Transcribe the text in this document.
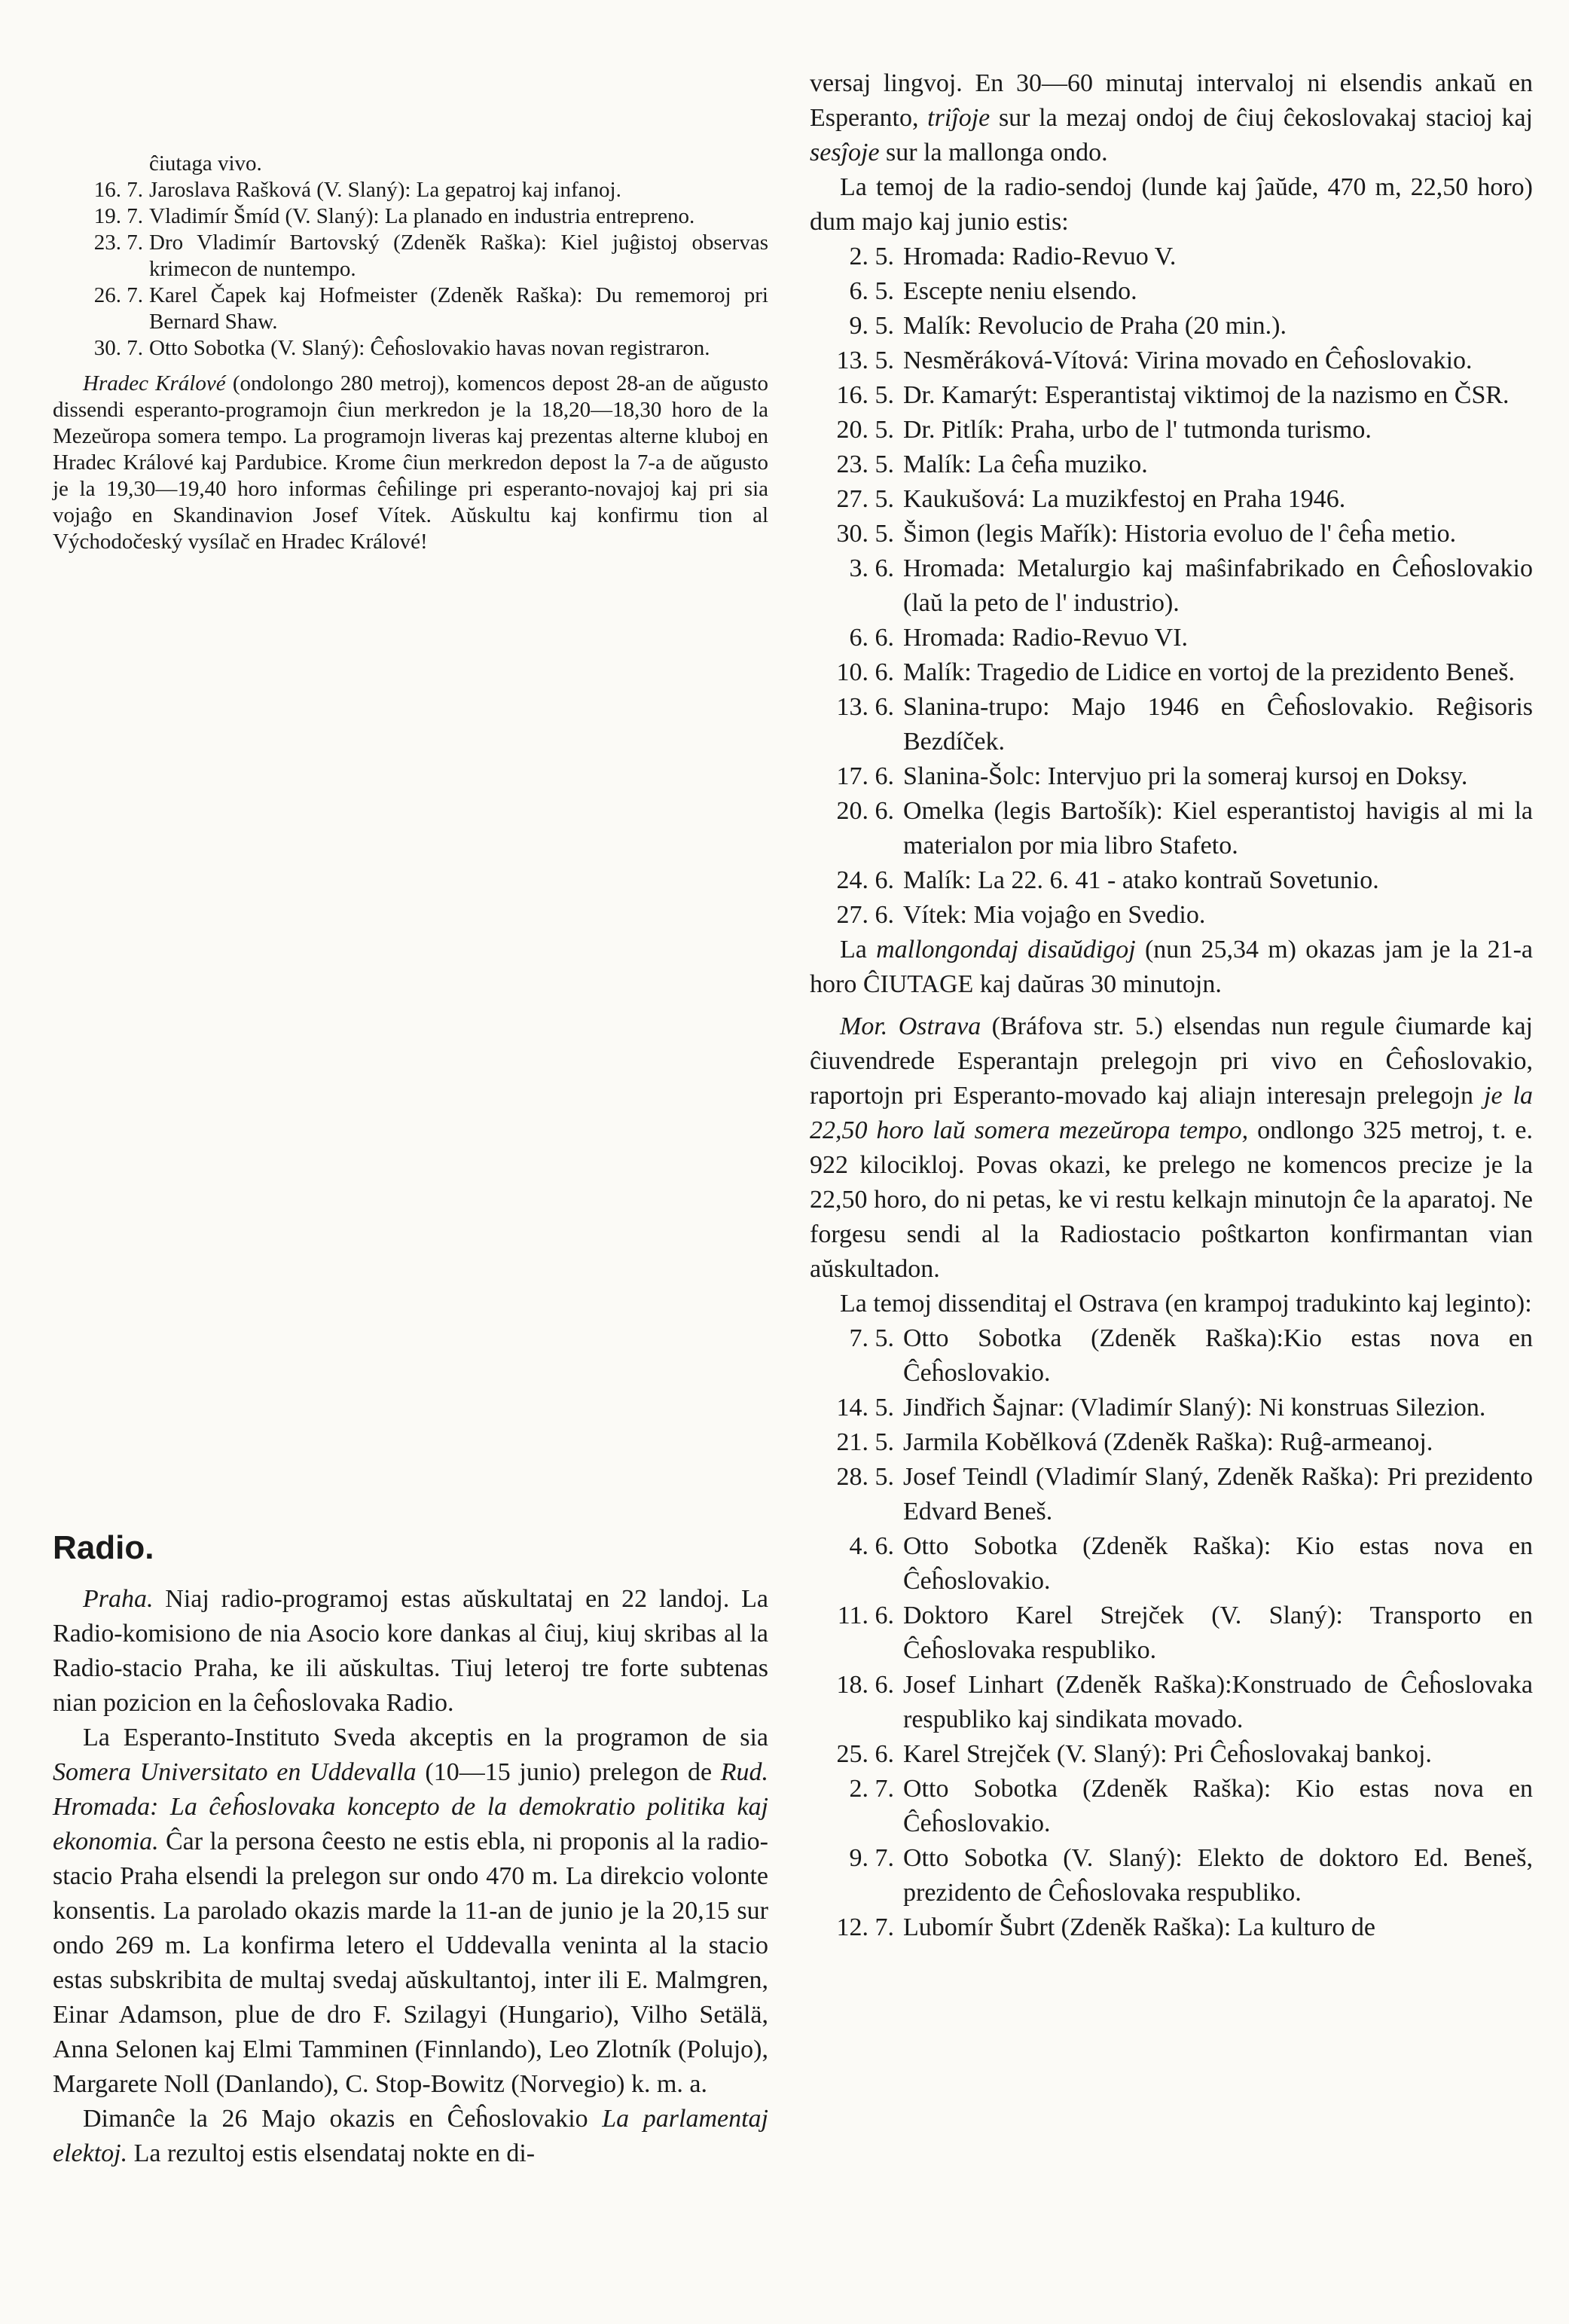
ĉiutaga vivo.
16. 7. Jaroslava Rašková (V. Slaný): La gepatroj kaj infanoj.
19. 7. Vladimír Šmíd (V. Slaný): La planado en industria entrepreno.
23. 7. Dro Vladimír Bartovský (Zdeněk Raška): Kiel juĝistoj observas krimecon de nuntempo.
26. 7. Karel Čapek kaj Hofmeister (Zdeněk Raška): Du rememoroj pri Bernard Shaw.
30. 7. Otto Sobotka (V. Slaný): Ĉeĥoslovakio havas novan registraron.

Hradec Králové (ondolongo 280 metroj), komencos depost 28-an de aŭgusto dissendi esperanto-programojn ĉiun merkredon je la 18,20—18,30 horo de la Mezeŭropa somera tempo. La programojn liveras kaj prezentas alterne kluboj en Hradec Králové kaj Pardubice. Krome ĉiun merkredon depost la 7-a de aŭgusto je la 19,30—19,40 horo informas ĉeĥilinge pri esperanto-novajoj kaj pri sia vojaĝo en Skandinavion Josef Vítek. Aŭskultu kaj konfirmu tion al Východočeský vysílač en Hradec Králové!

Radio.

Praha. Niaj radio-programoj estas aŭskultataj en 22 landoj. La Radio-komisiono de nia Asocio kore dankas al ĉiuj, kiuj skribas al la Radio-stacio Praha, ke ili aŭskultas. Tiuj leteroj tre forte subtenas nian pozicion en la ĉeĥoslovaka Radio.

La Esperanto-Instituto Sveda akceptis en la programon de sia Somera Universitato en Uddevalla (10—15 junio) prelegon de Rud. Hromada: La ĉeĥoslovaka koncepto de la demokratio politika kaj ekonomia. Ĉar la persona ĉeesto ne estis ebla, ni proponis al la radio-stacio Praha elsendi la prelegon sur ondo 470 m. La direkcio volonte konsentis. La parolado okazis marde la 11-an de junio je la 20,15 sur ondo 269 m. La konfirma letero el Uddevalla veninta al la stacio estas subskribita de multaj svedaj aŭskultantoj, inter ili E. Malmgren, Einar Adamson, plue de dro F. Szilagyi (Hungario), Vilho Setälä, Anna Selonen kaj Elmi Tamminen (Finnlando), Leo Zlotník (Polujo), Margarete Noll (Danlando), C. Stop-Bowitz (Norvegio) k. m. a.

Dimanĉe la 26 Majo okazis en Ĉeĥoslovakio La parlamentaj elektoj. La rezultoj estis elsendataj nokte en di-

versaj lingvoj. En 30—60 minutaj intervaloj ni elsendis ankaŭ en Esperanto, triĵoje sur la mezaj ondoj de ĉiuj ĉekoslovakaj stacioj kaj sesĵoje sur la mallonga ondo.

La temoj de la radio-sendoj (lunde kaj ĵaŭde, 470 m, 22,50 horo) dum majo kaj junio estis:

2. 5. Hromada: Radio-Revuo V.
6. 5. Escepte neniu elsendo.
9. 5. Malík: Revolucio de Praha (20 min.).
13. 5. Nesměráková-Vítová: Virina movado en Ĉeĥoslovakio.
16. 5. Dr. Kamarýt: Esperantistaj viktimoj de la nazismo en ČSR.
20. 5. Dr. Pitlík: Praha, urbo de l' tutmonda turismo.
23. 5. Malík: La ĉeĥa muziko.
27. 5. Kaukušová: La muzikfestoj en Praha 1946.
30. 5. Šimon (legis Mařík): Historia evoluo de l' ĉeĥa metio.
3. 6. Hromada: Metalurgio kaj maŝinfabrikado en Ĉeĥoslovakio (laŭ la peto de l' industrio).
6. 6. Hromada: Radio-Revuo VI.
10. 6. Malík: Tragedio de Lidice en vortoj de la prezidento Beneš.
13. 6. Slanina-trupo: Majo 1946 en Ĉeĥoslovakio. Reĝisoris Bezdíček.
17. 6. Slanina-Šolc: Intervjuo pri la someraj kursoj en Doksy.
20. 6. Omelka (legis Bartošík): Kiel esperantistoj havigis al mi la materialon por mia libro Stafeto.
24. 6. Malík: La 22. 6. 41 - atako kontraŭ Sovetunio.
27. 6. Vítek: Mia vojaĝo en Svedio.

La mallongondaj disaŭdigoj (nun 25,34 m) okazas jam je la 21-a horo ĈIUTAGE kaj daŭras 30 minutojn.

Mor. Ostrava (Bráfova str. 5.) elsendas nun regule ĉiumarde kaj ĉiuvendrede Esperantajn prelegojn pri vivo en Ĉeĥoslovakio, raportojn pri Esperanto-movado kaj aliajn interesajn prelegojn je la 22,50 horo laŭ somera mezeŭropa tempo, ondlongo 325 metroj, t. e. 922 kilocikloj. Povas okazi, ke prelego ne komencos precize je la 22,50 horo, do ni petas, ke vi restu kelkajn minutojn ĉe la aparatoj. Ne forgesu sendi al la Radiostacio poŝtkarton konfirmantan vian aŭskultadon.

La temoj dissenditaj el Ostrava (en krampoj tradukinto kaj leginto):

7. 5. Otto Sobotka (Zdeněk Raška):Kio estas nova en Ĉeĥoslovakio.
14. 5. Jindřich Šajnar: (Vladimír Slaný): Ni konstruas Silezion.
21. 5. Jarmila Kobělková (Zdeněk Raška): Ruĝ-armeanoj.
28. 5. Josef Teindl (Vladimír Slaný, Zdeněk Raška): Pri prezidento Edvard Beneš.
4. 6. Otto Sobotka (Zdeněk Raška): Kio estas nova en Ĉeĥoslovakio.
11. 6. Doktoro Karel Strejček (V. Slaný): Transporto en Ĉeĥoslovaka respubliko.
18. 6. Josef Linhart (Zdeněk Raška):Konstruado de Ĉeĥoslovaka respubliko kaj sindikata movado.
25. 6. Karel Strejček (V. Slaný): Pri Ĉeĥoslovakaj bankoj.
2. 7. Otto Sobotka (Zdeněk Raška): Kio estas nova en Ĉeĥoslovakio.
9. 7. Otto Sobotka (V. Slaný): Elekto de doktoro Ed. Beneš, prezidento de Ĉeĥoslovaka respubliko.
12. 7. Lubomír Šubrt (Zdeněk Raška): La kulturo de
